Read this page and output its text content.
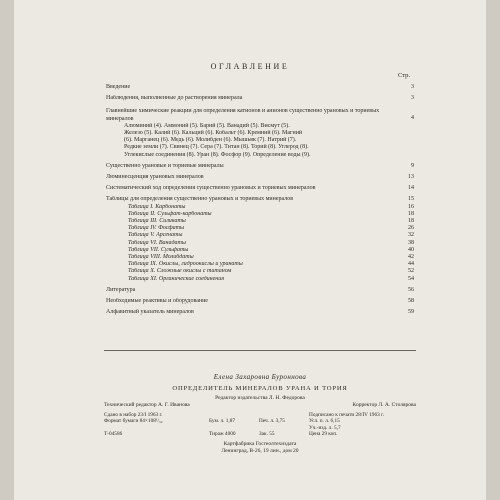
ОГЛАВЛЕНИЕ
Стр.
Введение	3
Наблюдения, выполненные до растворения минерала	3
Главнейшие химические реакции для определения катионов и анионов существенно урановых и ториевых минералов	4
Алюминий (4). Аммоний (5). Барий (5). Ванадий (5). Висмут (5).
Железо (5). Калий (6). Кальций (6). Кобальт (6). Кремний (6). Магний
(6). Марганец (6). Медь (6). Молибден (6). Мышьяк (7). Натрий (7).
Редкие земли (7). Свинец (7). Сера (7). Титан (8). Торий (8). Углерод (8).
Углекислые соединения (8). Уран (8). Фосфор (9). Определение воды (9).
Существенно урановые и ториевые минералы	9
Люминесценция урановых минералов	13
Систематический ход определения существенно урановых и ториевых минералов	14
Таблицы для определения существенно урановых и ториевых минералов	15
Таблица I. Карбонаты	16
Таблица II. Сульфат-карбонаты	18
Таблица III. Силикаты	18
Таблица IV. Фосфаты	26
Таблица V. Арсенаты	32
Таблица VI. Ванадаты	38
Таблица VII. Сульфаты	40
Таблица VIII. Молибдаты	42
Таблица IX. Окислы, гидроокислы и уранаты	44
Таблица X. Сложные окислы с титаном	52
Таблица XI. Органические соединения	54
Литература	56
Необходимые реактивы и оборудование	58
Алфавитный указатель минералов	59
Елена Захаровна Буроннова
ОПРЕДЕЛИТЕЛЬ МИНЕРАЛОВ УРАНА И ТОРИЯ
Редактор издательства Л. Н. Федорова
Технический редактор А. Г. Иванова	Корректор Л. А. Столярова
Сдано в набор 23/I 1963 г.	Подписано к печати 28/IV 1963 г.
Формат бумаги 84×108¹/₃₂	Бум. л. 1,87	Печ. л. 3,75	Усл. п. л. 6,15
Уч.-изд. л. 5,7
Т-04586	Тираж 4000	Зак. 55	Цена 29 коп.
Картфабрика Госгеолтехиздата
Ленинград, В-26, 19 лин., дом 20
